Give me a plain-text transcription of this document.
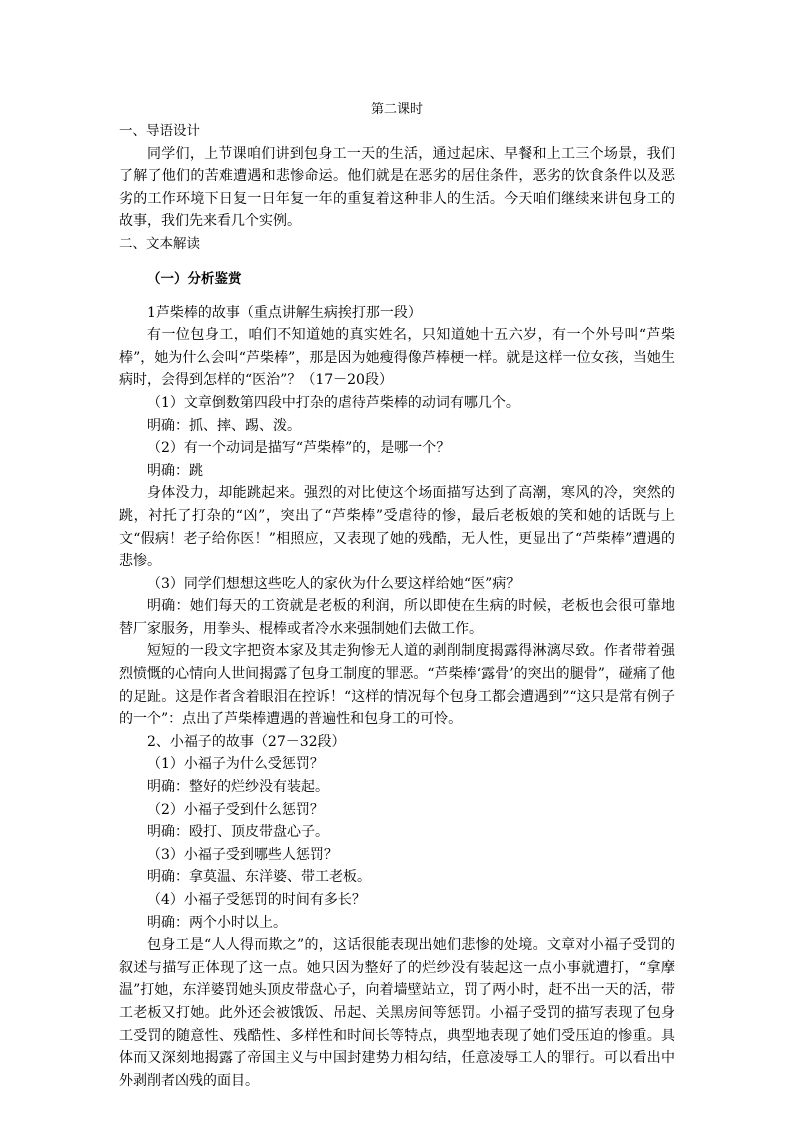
第二课时
一、导语设计

同学们，上节课咱们讲到包身工一天的生活，通过起床、早餐和上工三个场景，我们了解了他们的苦难遭遇和悲惨命运。他们就是在恶劣的居住条件，恶劣的饮食条件以及恶劣的工作环境下日复一日年复一年的重复着这种非人的生活。今天咱们继续来讲包身工的故事，我们先来看几个实例。

二、文本解读
（一）分析鉴赏
1芦柴棒的故事（重点讲解生病挨打那一段）

有一位包身工，咱们不知道她的真实姓名，只知道她十五六岁，有一个外号叫“芦柴棒”，她为什么会叫“芦柴棒”，那是因为她瘦得像芦棒梗一样。就是这样一位女孩，当她生病时，会得到怎样的“医治”？（17－20段）

（1）文章倒数第四段中打杂的虐待芦柴棒的动词有哪几个。
明确：抓、摔、踢、泼。
（2）有一个动词是描写“芦柴棒”的，是哪一个？
明确：跳

身体没力，却能跳起来。强烈的对比使这个场面描写达到了高潮，寒风的冷，突然的跳，衬托了打杂的“凶”，突出了“芦柴棒”受虐待的惨，最后老板娘的笑和她的话既与上文“假病！老子给你医！”相照应，又表现了她的残酷，无人性，更显出了“芦柴棒”遭遇的悲惨。

（3）同学们想想这些吃人的家伙为什么要这样给她“医”病？

明确：她们每天的工资就是老板的利润，所以即使在生病的时候，老板也会很可靠地替厂家服务，用拳头、棍棒或者冷水来强制她们去做工作。

短短的一段文字把资本家及其走狗惨无人道的剥削制度揭露得淋漓尽致。作者带着强烈愤慨的心情向人世间揭露了包身工制度的罪恶。“芦柴棒‘露骨’的突出的腿骨”，碰痛了他的足趾。这是作者含着眼泪在控诉！“这样的情况每个包身工都会遭遇到”“这只是常有例子的一个”：点出了芦柴棒遭遇的普遍性和包身工的可怜。

2、小福子的故事（27－32段）
（1）小福子为什么受惩罚？
明确：整好的烂纱没有装起。
（2）小福子受到什么惩罚？
明确：殴打、顶皮带盘心子。
（3）小福子受到哪些人惩罚？
明确：拿莫温、东洋婆、带工老板。
（4）小福子受惩罚的时间有多长？
明确：两个小时以上。

包身工是“人人得而欺之”的，这话很能表现出她们悲惨的处境。文章对小福子受罚的叙述与描写正体现了这一点。她只因为整好了的烂纱没有装起这一点小事就遭打，“拿摩温”打她，东洋婆罚她头顶皮带盘心子，向着墙壁站立，罚了两小时，赶不出一天的活，带工老板又打她。此外还会被饿饭、吊起、关黑房间等惩罚。小福子受罚的描写表现了包身工受罚的随意性、残酷性、多样性和时间长等特点，典型地表现了她们受压迫的惨重。具体而又深刻地揭露了帝国主义与中国封建势力相勾结，任意凌辱工人的罪行。可以看出中外剥削者凶残的面目。
